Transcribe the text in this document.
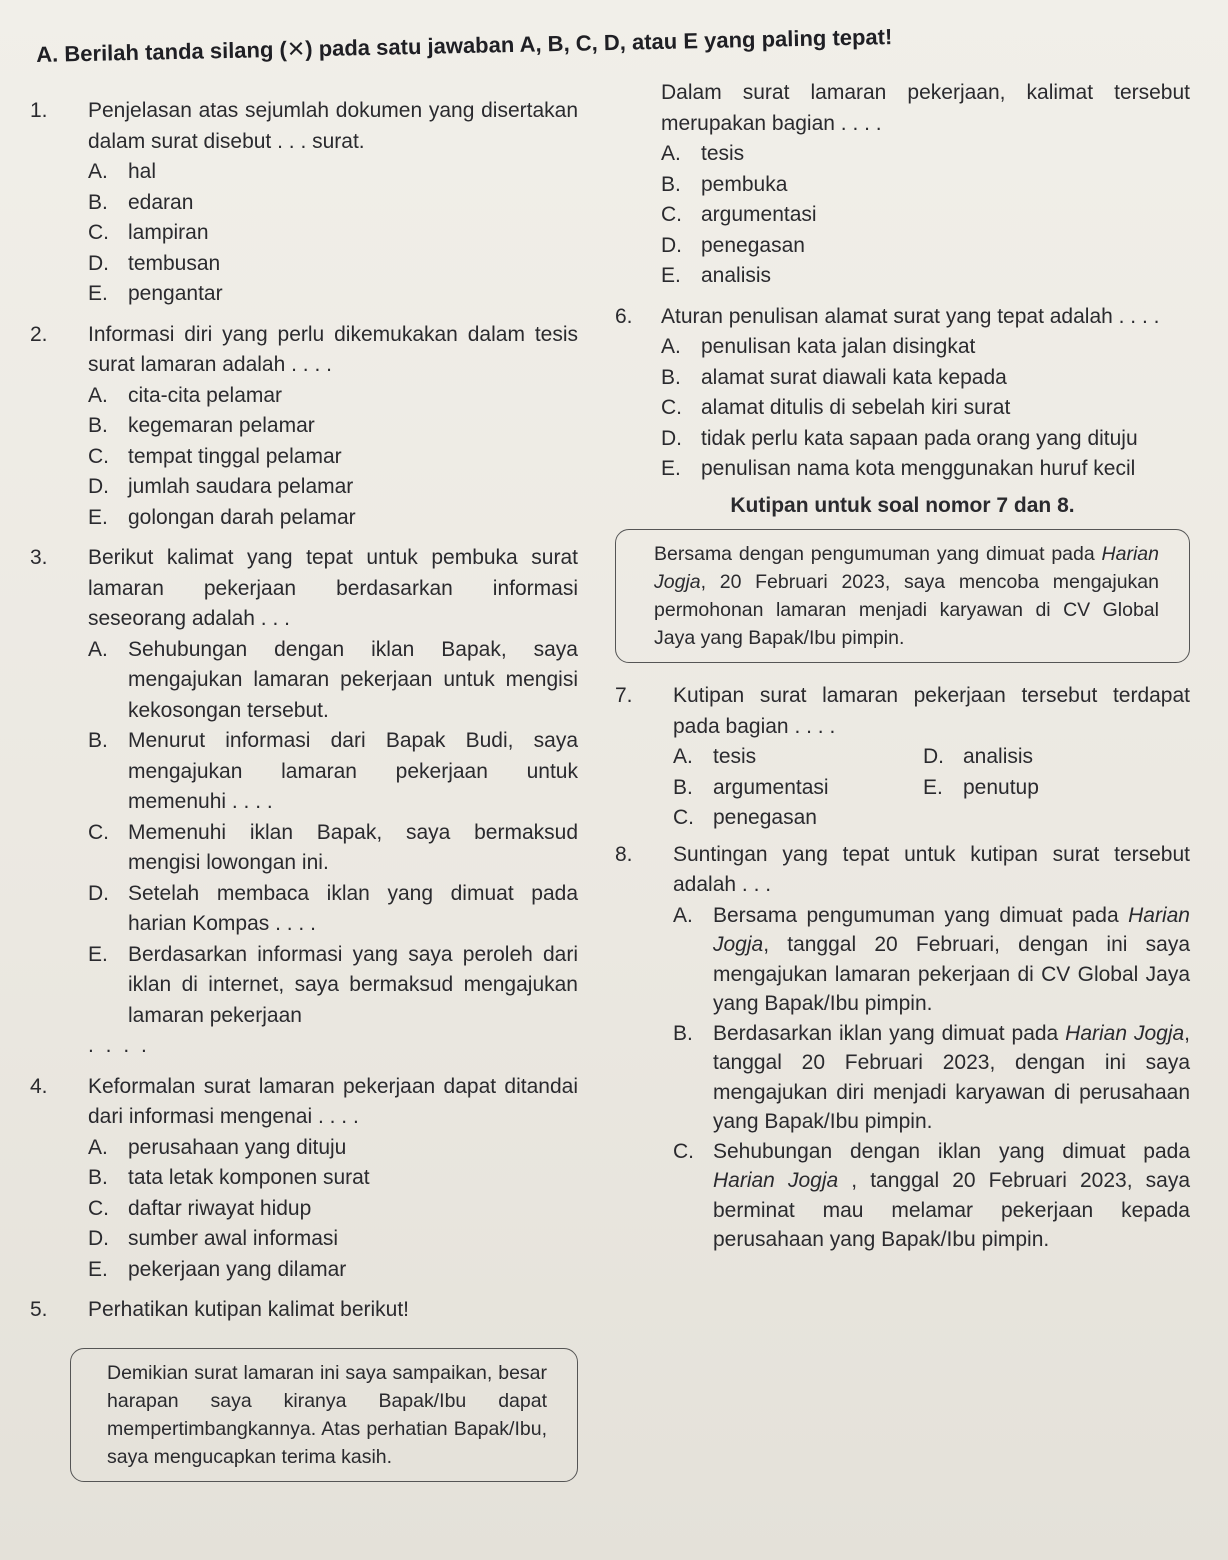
A. Berilah tanda silang (✕) pada satu jawaban A, B, C, D, atau E yang paling tepat!
1.	Penjelasan atas sejumlah dokumen yang disertakan dalam surat disebut . . . surat.
A. hal
B. edaran
C. lampiran
D. tembusan
E. pengantar
2.	Informasi diri yang perlu dikemukakan dalam tesis surat lamaran adalah . . . .
A. cita-cita pelamar
B. kegemaran pelamar
C. tempat tinggal pelamar
D. jumlah saudara pelamar
E. golongan darah pelamar
3.	Berikut kalimat yang tepat untuk pembuka surat lamaran pekerjaan berdasarkan informasi seseorang adalah . . .
A. Sehubungan dengan iklan Bapak, saya mengajukan lamaran pekerjaan untuk mengisi kekosongan tersebut.
B. Menurut informasi dari Bapak Budi, saya mengajukan lamaran pekerjaan untuk memenuhi . . . .
C. Memenuhi iklan Bapak, saya bermaksud mengisi lowongan ini.
D. Setelah membaca iklan yang dimuat pada harian Kompas . . . .
E. Berdasarkan informasi yang saya peroleh dari iklan di internet, saya bermaksud mengajukan lamaran pekerjaan
. . . .
4.	Keformalan surat lamaran pekerjaan dapat ditandai dari informasi mengenai . . . .
A. perusahaan yang dituju
B. tata letak komponen surat
C. daftar riwayat hidup
D. sumber awal informasi
E. pekerjaan yang dilamar
5.	Perhatikan kutipan kalimat berikut!
Demikian surat lamaran ini saya sampaikan, besar harapan saya kiranya Bapak/Ibu dapat mempertimbangkannya. Atas perhatian Bapak/Ibu, saya mengucapkan terima kasih.
Dalam surat lamaran pekerjaan, kalimat tersebut merupakan bagian . . . .
A. tesis
B. pembuka
C. argumentasi
D. penegasan
E. analisis
6.	Aturan penulisan alamat surat yang tepat adalah . . . .
A. penulisan kata jalan disingkat
B. alamat surat diawali kata kepada
C. alamat ditulis di sebelah kiri surat
D. tidak perlu kata sapaan pada orang yang dituju
E. penulisan nama kota menggunakan huruf kecil
Kutipan untuk soal nomor 7 dan 8.
Bersama dengan pengumuman yang dimuat pada Harian Jogja, 20 Februari 2023, saya mencoba mengajukan permohonan lamaran menjadi karyawan di CV Global Jaya yang Bapak/Ibu pimpin.
7.	Kutipan surat lamaran pekerjaan tersebut terdapat pada bagian . . . .
A. tesis	D. analisis
B. argumentasi	E. penutup
C. penegasan
8.	Suntingan yang tepat untuk kutipan surat tersebut adalah . . .
A. Bersama pengumuman yang dimuat pada Harian Jogja, tanggal 20 Februari, dengan ini saya mengajukan lamaran pekerjaan di CV Global Jaya yang Bapak/Ibu pimpin.
B. Berdasarkan iklan yang dimuat pada Harian Jogja, tanggal 20 Februari 2023, dengan ini saya mengajukan diri menjadi karyawan di perusahaan yang Bapak/Ibu pimpin.
C. Sehubungan dengan iklan yang dimuat pada Harian Jogja , tanggal 20 Februari 2023, saya berminat mau melamar pekerjaan kepada perusahaan yang Bapak/Ibu pimpin.
